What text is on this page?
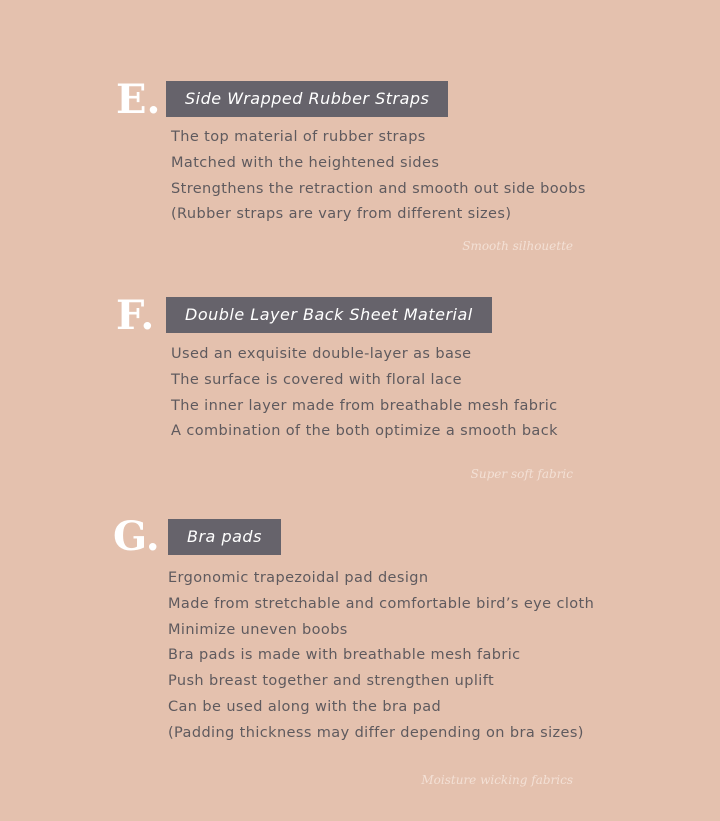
E.	Side Wrapped Rubber Straps
The top material of rubber straps
Matched with the heightened sides
Strengthens the retraction and smooth out side boobs
(Rubber straps are vary from different sizes)
Smooth silhouette
F.	Double Layer Back Sheet Material
Used an exquisite double-layer as base
The surface is covered with floral lace
The inner layer made from breathable mesh fabric
A combination of the both optimize a smooth back
Super soft fabric
G.	Bra pads
Ergonomic trapezoidal pad design
Made from stretchable and comfortable bird’s eye cloth
Minimize uneven boobs
Bra pads is made with breathable mesh fabric
Push breast together and strengthen uplift
Can be used along with the bra pad
(Padding thickness may differ depending on bra sizes)
Moisture wicking fabrics
